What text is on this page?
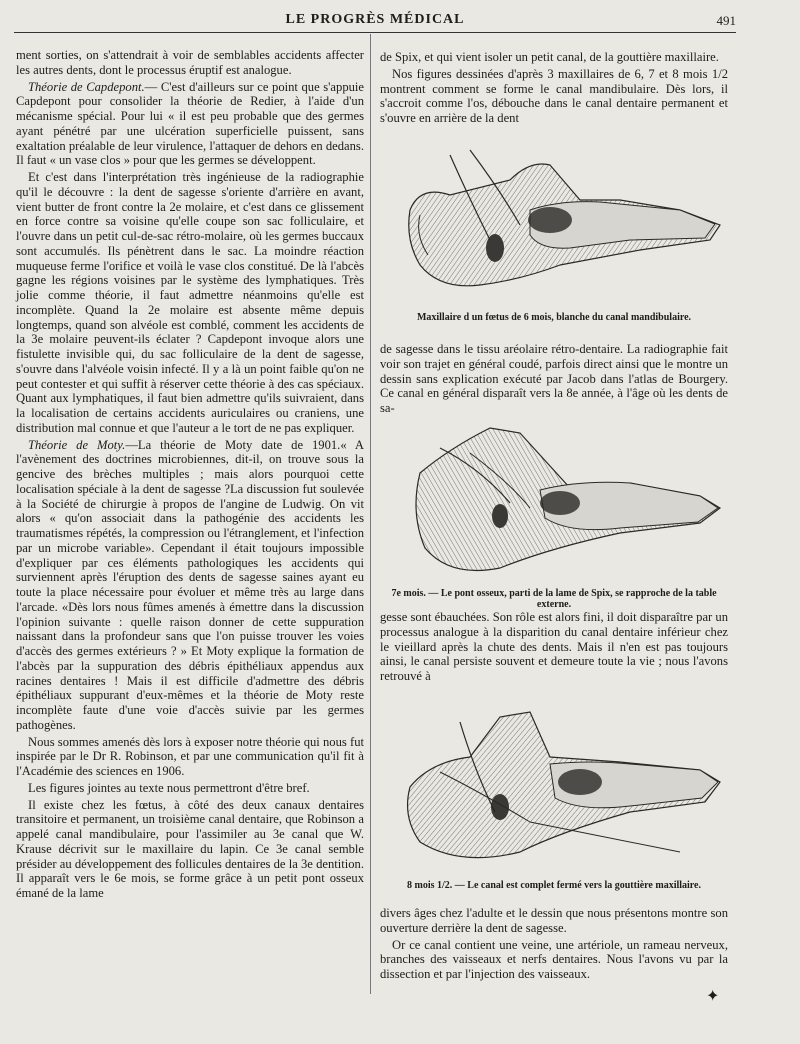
LE PROGRÈS MÉDICAL	491

ment sorties, on s'attendrait à voir de semblables accidents affecter les autres dents, dont le processus éruptif est analogue.

Théorie de Capdepont.— C'est d'ailleurs sur ce point que s'appuie Capdepont pour consolider la théorie de Redier, à l'aide d'un mécanisme spécial. Pour lui « il est peu probable que des germes ayant pénétré par une ulcération superficielle puissent, sans exaltation préalable de leur virulence, l'attaquer de dehors en dedans. Il faut « un vase clos » pour que les germes se développent.

Et c'est dans l'interprétation très ingénieuse de la radiographie qu'il le découvre : la dent de sagesse s'oriente d'arrière en avant, vient butter de front contre la 2e molaire, et c'est dans ce glissement en force contre sa voisine qu'elle coupe son sac folliculaire, et l'ouvre dans un petit cul-de-sac rétro-molaire, où les germes buccaux sont accumulés. Ils pénètrent dans le sac. La moindre réaction muqueuse ferme l'orifice et voilà le vase clos constitué. De là l'abcès gagne les régions voisines par le système des lymphatiques. Très jolie comme théorie, il faut admettre néanmoins qu'elle est incomplète. Quand la 2e molaire est absente même depuis longtemps, quand son alvéole est comblé, comment les accidents de la 3e molaire peuvent-ils éclater ? Capdepont invoque alors une fistulette invisible qui, du sac folliculaire de la dent de sagesse, s'ouvre dans l'alvéole voisin infecté. Il y a là un point faible qu'on ne peut contester et qui suffit à réserver cette théorie à des cas spéciaux. Quant aux lymphatiques, il faut bien admettre qu'ils suivraient, dans la localisation de certains accidents auriculaires ou craniens, une distribution mal connue et que l'auteur a le tort de ne pas expliquer.

Théorie de Moty.—La théorie de Moty date de 1901.« A l'avènement des doctrines microbiennes, dit-il, on trouve sous la gencive des brèches multiples ; mais alors pourquoi cette localisation spéciale à la dent de sagesse ?La discussion fut soulevée à la Société de chirurgie à propos de l'angine de Ludwig. On vit alors « qu'on associait dans la pathogénie des accidents les traumatismes répétés, la compression ou l'étranglement, et l'infection par un microbe variable». Cependant il était toujours impossible d'expliquer par ces éléments pathologiques les accidents qui surviennent après l'éruption des dents de sagesse saines ayant eu toute la place nécessaire pour évoluer et même très au large dans l'arcade. «Dès lors nous fûmes amenés à émettre dans la discussion l'opinion suivante : quelle raison donner de cette suppuration naissant dans la profondeur sans que l'on puisse trouver les voies d'accès des germes extérieurs ? » Et Moty explique la formation de l'abcès par la suppuration des débris épithéliaux appendus aux racines dentaires ! Mais il est difficile d'admettre des débris épithéliaux suppurant d'eux-mêmes et la théorie de Moty reste incomplète faute d'une voie d'accès suivie par les germes pathogènes.

Nous sommes amenés dès lors à exposer notre théorie qui nous fut inspirée par le Dr R. Robinson, et par une communication qu'il fit à l'Académie des sciences en 1906.

Les figures jointes au texte nous permettront d'être bref.

Il existe chez les fœtus, à côté des deux canaux dentaires transitoire et permanent, un troisième canal dentaire, que Robinson a appelé canal mandibulaire, pour l'assimiler au 3e canal que W. Krause décrivit sur le maxillaire du lapin. Ce 3e canal semble présider au développement des follicules dentaires de la 3e dentition. Il apparaît vers le 6e mois, se forme grâce à un petit pont osseux émané de la lame

de Spix, et qui vient isoler un petit canal, de la gouttière maxillaire.

Nos figures dessinées d'après 3 maxillaires de 6, 7 et 8 mois 1/2 montrent comment se forme le canal mandibulaire. Dès lors, il s'accroit comme l'os, débouche dans le canal dentaire permanent et s'ouvre en arrière de la dent

Maxillaire d un fœtus de 6 mois, blanche du canal mandibulaire.

de sagesse dans le tissu aréolaire rétro-dentaire. La radiographie fait voir son trajet en général coudé, parfois direct ainsi que le montre un dessin sans explication exécuté par Jacob dans l'atlas de Bourgery. Ce canal en général disparaît vers la 8e année, à l'âge où les dents de sa-

7e mois. — Le pont osseux, parti de la lame de Spix, se rapproche de la table externe.

gesse sont ébauchées. Son rôle est alors fini, il doit disparaître par un processus analogue à la disparition du canal dentaire inférieur chez le vieillard après la chute des dents. Mais il n'en est pas toujours ainsi, le canal persiste souvent et demeure toute la vie ; nous l'avons retrouvé à

8 mois 1/2. — Le canal est complet fermé vers la gouttière maxillaire.

divers âges chez l'adulte et le dessin que nous présentons montre son ouverture derrière la dent de sagesse.

Or ce canal contient une veine, une artériole, un rameau nerveux, branches des vaisseaux et nerfs dentaires. Nous l'avons vu par la dissection et par l'injection des vaisseaux.

✦
